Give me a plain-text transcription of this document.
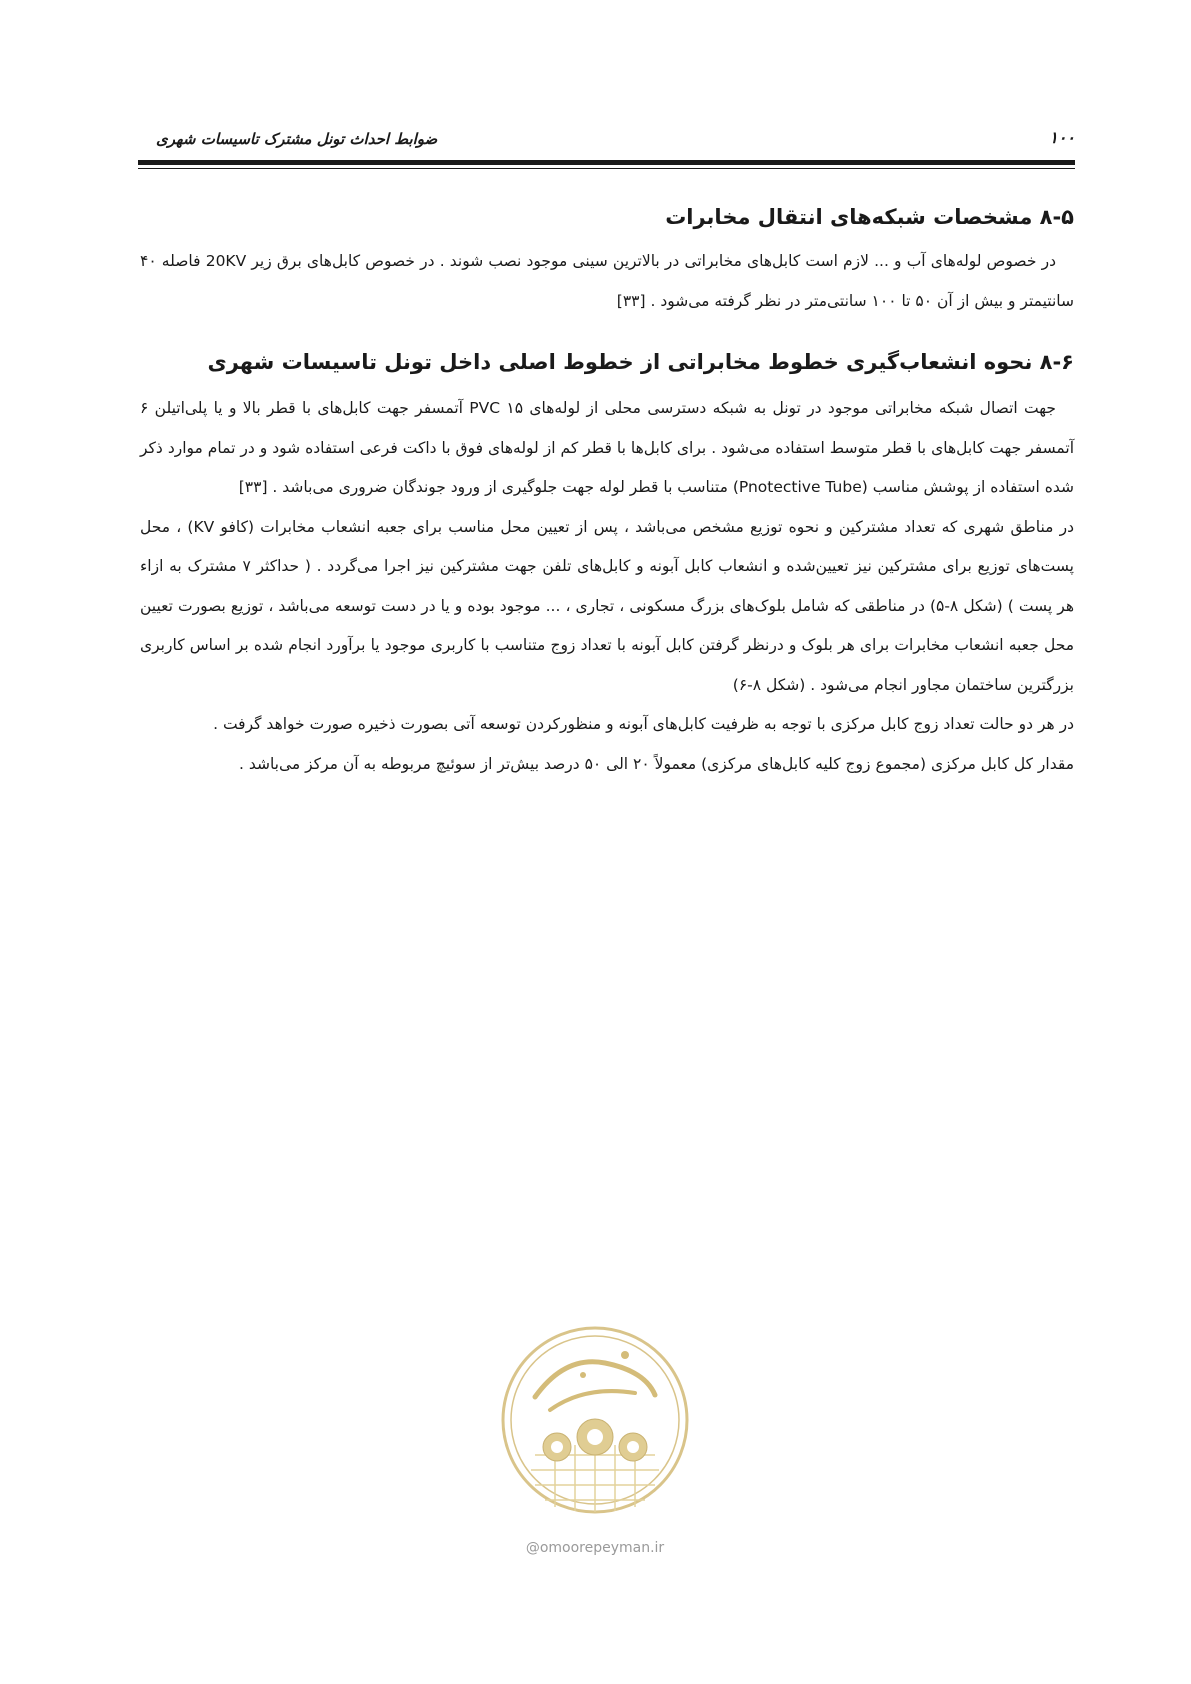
۱۰۰
ضوابط احداث تونل مشترک تاسیسات شهری
۸-۵ مشخصات شبکه‌های انتقال مخابرات

در خصوص لوله‌های آب و ... لازم است کابل‌های مخابراتی در بالاترین سینی موجود نصب شوند . در خصوص کابل‌های برق زیر 20KV فاصله ۴۰ سانتیمتر و بیش از آن ۵۰ تا ۱۰۰ سانتی‌متر در نظر گرفته می‌شود . [۳۳]

۸-۶ نحوه انشعاب‌گیری خطوط مخابراتی از خطوط اصلی داخل تونل تاسیسات شهری

جهت اتصال شبکه مخابراتی موجود در تونل به شبکه دسترسی محلی از لوله‌های PVC ۱۵ آتمسفر جهت کابل‌های با قطر بالا و یا پلی‌اتیلن ۶ آتمسفر جهت کابل‌های با قطر متوسط استفاده می‌شود . برای کابل‌ها با قطر کم از لوله‌های فوق با داکت فرعی استفاده شود و در تمام موارد ذکر شده استفاده از پوشش مناسب (Pnotective Tube) متناسب با قطر لوله جهت جلوگیری از ورود جوندگان ضروری می‌باشد . [۳۳]

در مناطق شهری که تعداد مشترکین و نحوه توزیع مشخص می‌باشد ، پس از تعیین محل مناسب برای جعبه انشعاب مخابرات (کافو KV) ، محل پست‌های توزیع برای مشترکین نیز تعیین‌شده و انشعاب کابل آبونه و کابل‌های تلفن جهت مشترکین نیز اجرا می‌گردد . ( حداکثر ۷ مشترک به ازاء هر پست ) (شکل ۸-۵) در مناطقی که شامل بلوک‌های بزرگ مسکونی ، تجاری ، ... موجود بوده و یا در دست توسعه می‌باشد ، توزیع بصورت تعیین محل جعبه انشعاب مخابرات برای هر بلوک و درنظر گرفتن کابل آبونه با تعداد زوج متناسب با کاربری موجود یا برآورد انجام شده بر اساس کاربری بزرگترین ساختمان مجاور انجام می‌شود . (شکل ۸-۶)

در هر دو حالت تعداد زوج کابل مرکزی با توجه به ظرفیت کابل‌های آبونه و منظورکردن توسعه آتی بصورت ذخیره صورت خواهد گرفت .

مقدار کل کابل مرکزی (مجموع زوج کلیه کابل‌های مرکزی) معمولاً ۲۰ الی ۵۰ درصد بیش‌تر از سوئیچ مربوطه به آن مرکز می‌باشد .

@omoorepeyman.ir
